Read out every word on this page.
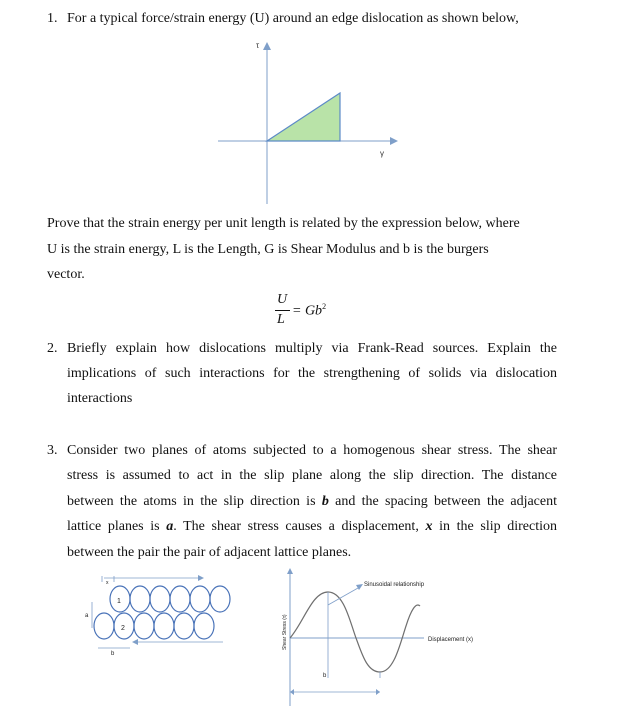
1. For a typical force/strain energy (U) around an edge dislocation as shown below,
τ
γ
Prove that the strain energy per unit length is related by the expression below, where
U is the strain energy, L is the Length, G is Shear Modulus and b is the burgers
vector.
U
L
= $Gb^2$
2. Briefly explain how dislocations multiply via Frank-Read sources. Explain the
implications of such interactions for the strengthening of solids via dislocation
interactions
3. Consider two planes of atoms subjected to a homogenous shear stress. The shear
stress is assumed to act in the slip plane along the slip direction. The distance
between the atoms in the slip direction is b and the spacing between the adjacent
lattice planes is a. The shear stress causes a displacement, x in the slip direction
between the pair the pair of adjacent lattice planes.
1
2
a
b
x	Sinusoidal relationship
Displacement (x)
Shear Stress (τ)
b
